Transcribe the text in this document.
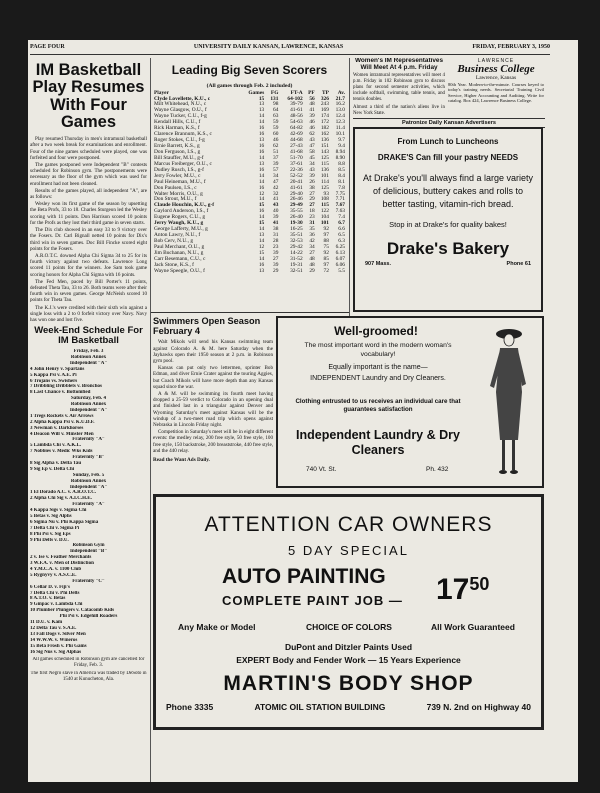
PAGE FOUR	UNIVERSITY DAILY KANSAN, LAWRENCE, KANSAS	FRIDAY, FEBRUARY 3, 1950
IM Basketball Play Resumes With Four Games
Play resumed Thursday in men's intramural basketball after a two week break for examinations and enrollment. Four of the nine games scheduled were played, one was forfeited and four were postponed.
The games postponed were Independent "B" contests scheduled for Robinson gym. The postponements were necessary as the floor of the gym which was used for enrollment had not been cleaned.
Results of the games played, all independent "A", are as follows:
Wesley won its first game of the season by upsetting the Beta Profs, 33 to 18. Charles Sturgeon led the Wesley scoring with 11 points. Don Harrison scored 10 points for the Profs as they lost their third game in seven starts.
The Dix club showed in an easy 33 to 9 victory over the Fosers. Dr. Carl Bignall netted 10 points for Dix's third win in seven games. Doc Bill Fincke scored eight points for the Fosers.
A.R.O.T.C. downed Alpha Chi Sigma 34 to 25 for its fourth victory against two defeats. Lawrence Long scored 11 points for the winners. Joe Sam took game scoring honors for Alpha Chi Sigma with 16 points.
The Fed Men, paced by Bill Porter's 11 points, defeated Theta Tau, 33 to 26. Both teams were after their fourth win in seven games. George McNeish scored 10 points for Theta Tau.
The K.J.'s were credited with their sixth win against a single loss with a 2 to 0 forfeit victory over Navy. Navy has won one and lost five.
Week-End Schedule For IM Basketball
Friday, Feb. 3
Robinson Annex
Independent "A"
4 John Henry v. Spartans
5 Kappa Psi v. A.E. Pi
6 Trojans vs. Swishers
7 Dribbling Dribblets v. Bronchos
8 Last Chance v. Bottomfied
Saturday, Feb. 4
Robinson Annex
Independent "A"
1 Tregs Rockets v. Air Arrows
2 Alpha Kappa Psi v. K.U.D.F.
3 Newman v. Darkhorses
4 Deacon Will v. Minster Men
Fraternity "A"
5 Lambda Chi v. A.K.L.
7 Nobbies v. Medic Wks Kids
Fraternity "B"
8 Sig Alpha v. Delta Tau
9 Sig Ep v. Delta Chi
Sunday, Feb. 5
Robinson Annex
Independent "A"
1 El Dorado A.C. v. A.R.O.T.C.
2 Alpha Chi Sig v. A.I.C.H.E.
Fraternity "A"
4 Kappa Sigs v. Sigma Chi
5 Betas v. Sig Alphs
6 Sigma Nu v. Phi Kappa Sigma
7 Delta Chi v. Sigma Pi
8 Phi Psi v. Sig Eps
9 Phi Delts v. D.U.
Robinson Gym
Independent "B"
2 v. Ise v. Feather Merchants
3 W.F.A. v. Men of Distinction
4 Y.M.C.A. v. 1100 Club
5 Rygnyvy v. A.S.C.E.
Fraternity "C"
6 Cellar D. v. Fiji's
7 Delta Chi v. Phi Delts
8 A.T.O. v. Betas
9 Ginpac v. Lambda Chi
10 Plumber Plungers v. Catacomb Kids
Phi Psi v. Edgehill Roaders
11 D.U. v. Kam
12 Delta Tau v. S.A.E.
13 Fall Dogs v. Silver Men
14 W.W.W. v. Wineros
15 Beta Frosh v. Phi Gams
16 Sig Nus v. Sig Alphas
All games scheduled in Robinson gym are cancelled for Friday, Feb. 3.
The first Negro slave in America was traded by DeSoto in 1540 at Kunucheton, Ala.
Leading Big Seven Scorers
(All games through Feb. 2 included)
Player	Games	FG	FT-A	PF	TP	Av.
Clyde Lovellette, K.U., c	15	131	64-102	56	326	21.7
Milt Whitehead, N.U., c	13	98	39-79	48	243	16.2
Wayne Glasgow, O.U., f	13	64	41-61	41	169	13.0
Wayne Tucker, C.U., f-g	14	63	48-56	39	174	12.4
Kendall Hills, C.U., f	14	59	54-63	46	172	12.3
Rick Harman, K.S., f	16	59	64-82	46	182	11.4
Clarence Brannum, K.S., c	16	60	42-69	62	162	10.1
Roger Stokes, C.U., f-g	13	46	44-68	43	136	9.7
Ernie Barrett, K.S., g	16	62	27-43	47	151	9.4
Don Ferguson, I.S., g	16	51	41-68	58	143	8.94
Bill Stauffer, M.U., g-f	14	37	51-70	45	125	8.90
Marcus Freiberger, O.U., c	13	39	37-61	34	115	8.8
Dudley Rusch, I.S., g-f	16	57	22-36	43	136	8.5
Jerry Fowler, M.U., c	14	34	52-52	39	101	8.4
Paul Heineman, M.U., f	14	47	20-41	26	114	8.1
Don Paulsen, I.S., c	16	42	41-61	38	125	7.8
Walter Morris, O.U., g	12	32	29-40	27	93	7.75
Don Strout, M.U., f	14	41	26-46	29	108	7.71
Claude Houchin, K.U., g-f	15	43	29-49	27	115	7.67
Gaylord Anderson, I.S., f	16	40	35-55	18	122	7.63
Eugene Rogers, C.U., g	14	39	26-40	23	104	7.4
Jerry Waugh, K.U., g	15	41	19-30	31	101	6.7
George Lafferty, M.U., g	14	38	16-25	35	92	6.6
Anton Lawry, N.U., f	13	31	35-51	36	97	6.5
Bob Cerv, N.U., g	14	28	32-53	42	88	6.3
Paul Merchant, O.U., g	12	23	29-42	34	75	6.25
Jim Buchanan, N.U., g	15	39	14-22	27	92	6.13
Carr Besemann, C.U., c	14	27	31-52	48	85	6.07
Jack Stone, K.S., f	16	39	19-31	48	97	6.06
Wayne Speegle, O.U., f	13	29	32-51	29	72	5.5
Women's IM Representatives Will Meet At 4 p.m. Friday
Women intramural representatives will meet 4 p.m. Friday in 102 Robinson gym to discuss plans for second semester activities, which include softball, swimming, table tennis, and tennis doubles.
Almost a third of the nation's aliens live in New York State.
LAWRENCE
Business College
Lawrence, Kansas
80th Year. Modern-to-the-minute. Courses keyed to today's training needs. Secretarial Training Civil Service, Higher Accounting and Auditing. Write for catalog. Box 424, Lawrence Business College.
Patronize Daily Kansan Advertisers
From Lunch to Luncheons
DRAKE'S Can fill your pastry NEEDS
At Drake's you'll always find a large variety of delicious, buttery cakes and rolls to better tasting, vitamin-rich bread.
Stop in at Drake's for quality bakes!
Drake's Bakery
907 Mass.	Phone 61
Swimmers Open Season February 4
Walt Mikols will send his Kansas swimming team against Colorado A. & M. here Saturday when the Jayhawks open their 1950 season at 2 p.m. in Robinson gym pool.
Kansas can put only two lettermen, sprinter Bob Edman, and diver Ernie Crater against the touring Aggies, but Coach Mikols will have more depth than any Kansas squad since the war.
A & M. will be swimming its fourth meet having dropped a 25-59 verdict to Colorado in an opening dual and finished last in a triangular against Denver and Wyoming Saturday's meet against Kansas will be the windup of a two-meet road trip which opens against Nebraska in Lincoln Friday night.
Competition in Saturday's meet will be in eight different events: the medley relay, 200 free style, 50 free style, 100 free style, 150 backstroke, 200 breaststroke, 440 free style, and the 440 relay.
Read the Want Ads Daily.
Well-groomed!
The most important word in the modern woman's vocabulary!
Equally important is the name—
INDEPENDENT Laundry and Dry Cleaners.
Clothing entrusted to us receives an individual care that guarantees satisfaction
Independent Laundry & Dry Cleaners
740 Vt. St.	Ph. 432
ATTENTION CAR OWNERS
5 DAY SPECIAL
AUTO PAINTING
COMPLETE PAINT JOB — 1750
Any Make or Model	CHOICE OF COLORS	All Work Guaranteed
DuPont and Ditzler Paints Used
EXPERT Body and Fender Work — 15 Years Experience
MARTIN'S BODY SHOP
Phone 3335	ATOMIC OIL STATION BUILDING	739 N. 2nd on Highway 40
